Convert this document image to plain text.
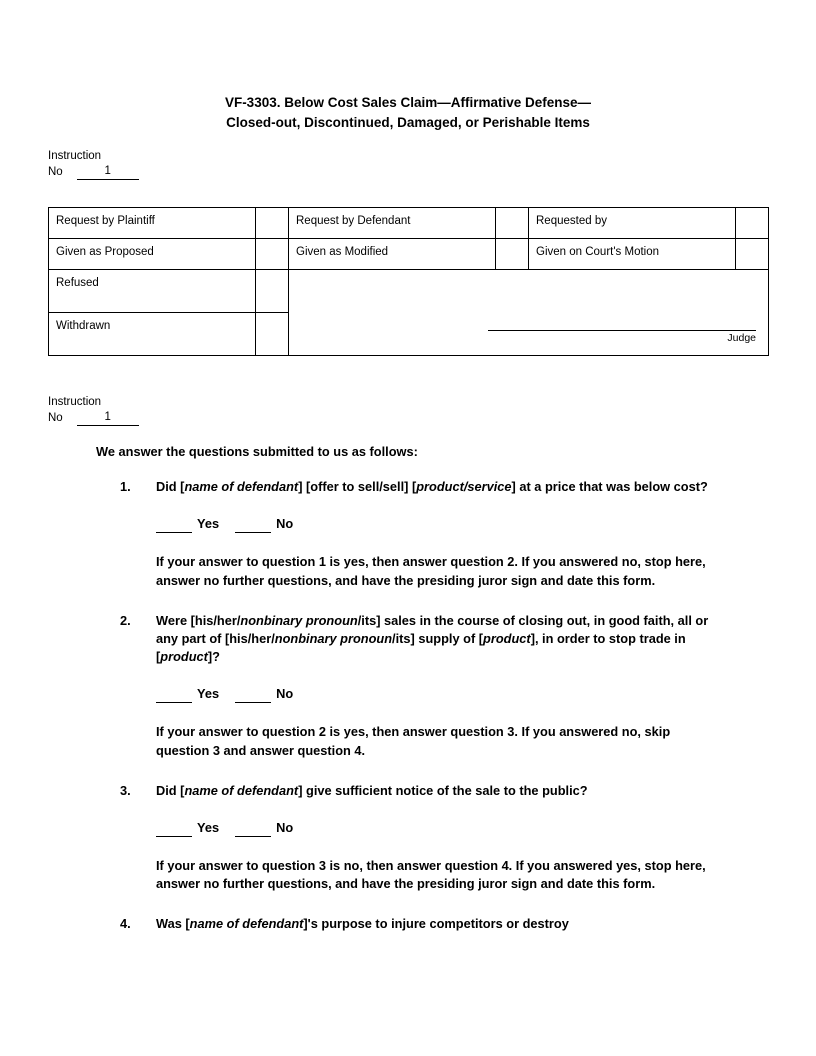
VF-3303. Below Cost Sales Claim—Affirmative Defense—
Closed-out, Discontinued, Damaged, or Perishable Items
Instruction
No	1
Request by Plaintiff		Request by Defendant		Requested by	
Given as Proposed		Given as Modified		Given on Court's Motion	
Refused		Judge			

Withdrawn					
Instruction
No	1
We answer the questions submitted to us as follows:
1.	Did [name of defendant] [offer to sell/sell] [product/service] at a price that was below cost?
Yes	No
If your answer to question 1 is yes, then answer question 2. If you answered no, stop here, answer no further questions, and have the presiding juror sign and date this form.
2.	Were [his/her/nonbinary pronoun/its] sales in the course of closing out, in good faith, all or any part of [his/her/nonbinary pronoun/its] supply of [product], in order to stop trade in [product]?
Yes	No
If your answer to question 2 is yes, then answer question 3. If you answered no, skip question 3 and answer question 4.
3.	Did [name of defendant] give sufficient notice of the sale to the public?
Yes	No
If your answer to question 3 is no, then answer question 4. If you answered yes, stop here, answer no further questions, and have the presiding juror sign and date this form.
4.	Was [name of defendant]'s purpose to injure competitors or destroy
